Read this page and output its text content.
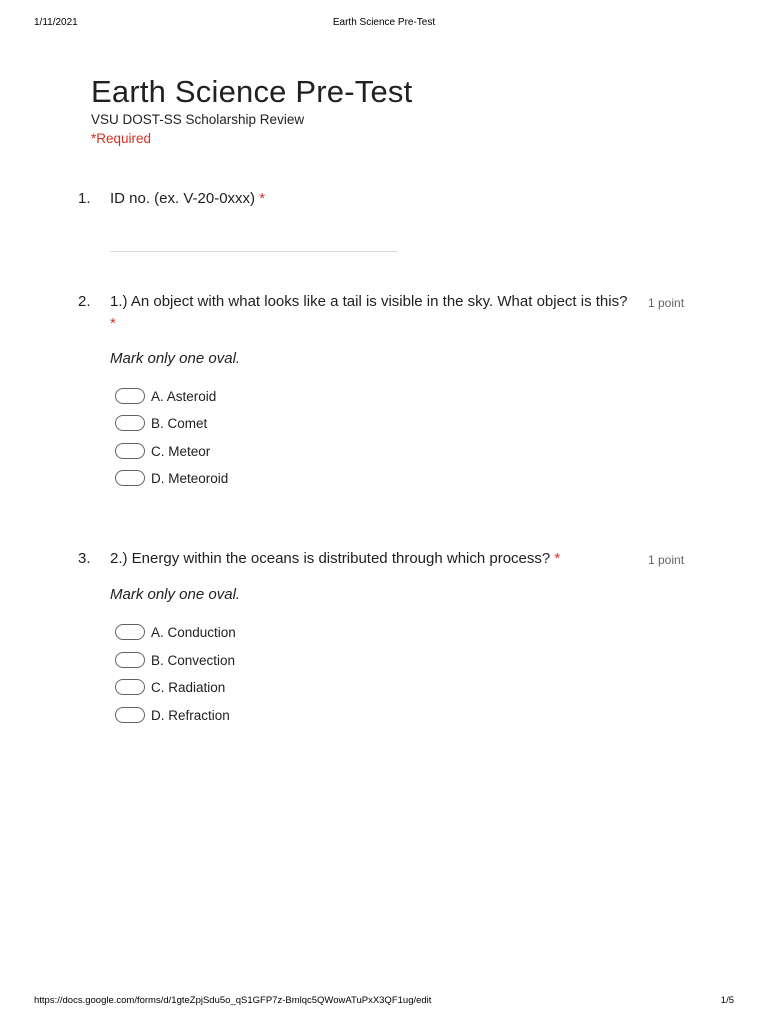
1/11/2021	Earth Science Pre-Test
Earth Science Pre-Test
VSU DOST-SS Scholarship Review
*Required
1. ID no. (ex. V-20-0xxx) *
2. 1.) An object with what looks like a tail is visible in the sky. What object is this? *
1 point
Mark only one oval.
A. Asteroid
B. Comet
C. Meteor
D. Meteoroid
3. 2.) Energy within the oceans is distributed through which process? *	1 point
Mark only one oval.
A. Conduction
B. Convection
C. Radiation
D. Refraction
https://docs.google.com/forms/d/1gteZpjSdu5o_qS1GFP7z-Bmlqc5QWowATuPxX3QF1ug/edit	1/5
